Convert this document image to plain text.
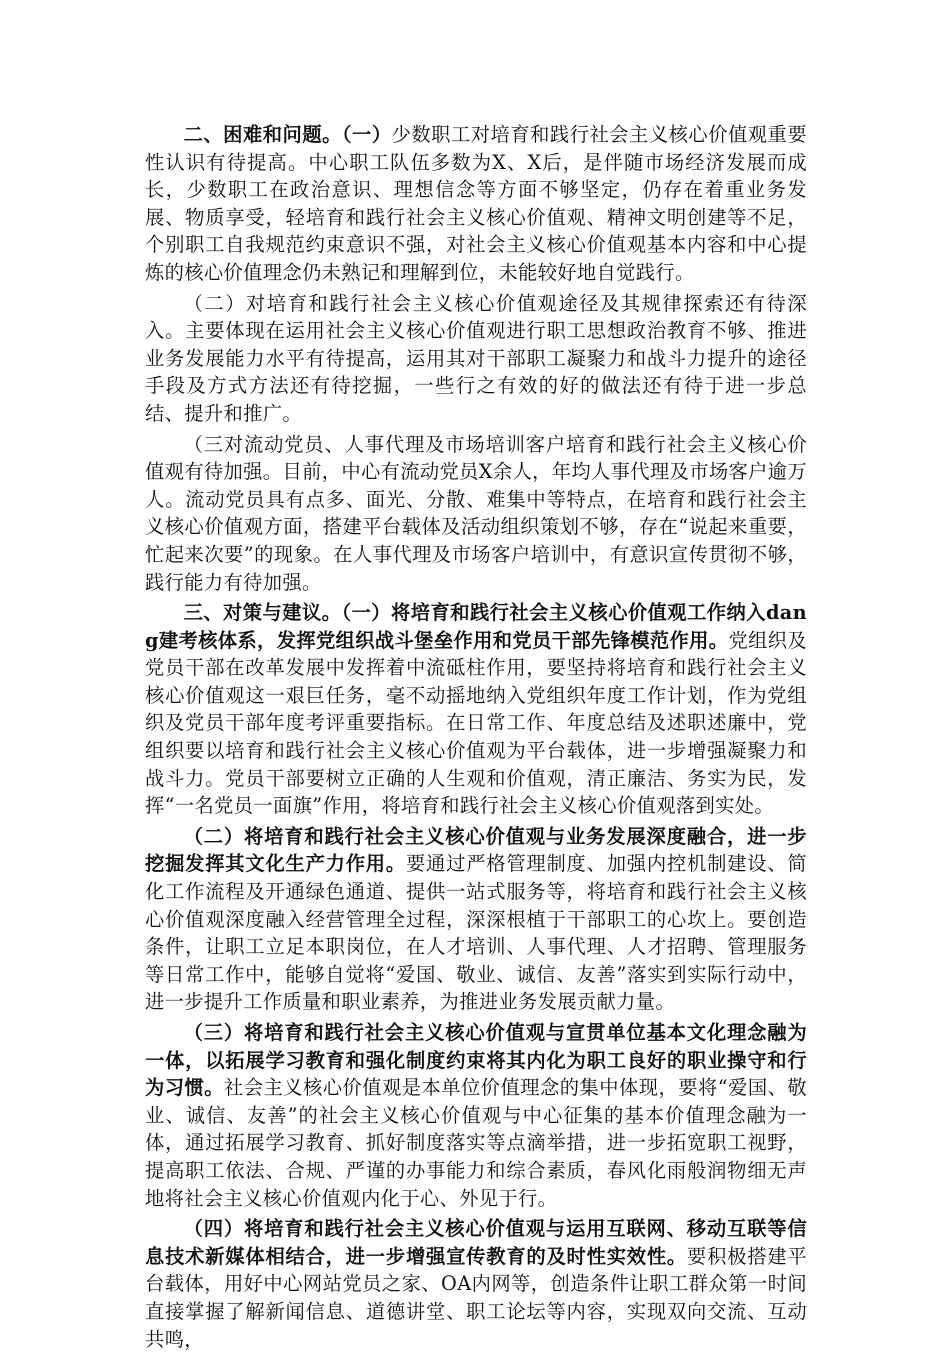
二、困难和问题。（一）少数职工对培育和践行社会主义核心价值观重要性认识有待提高。中心职工队伍多数为X、X后，是伴随市场经济发展而成长，少数职工在政治意识、理想信念等方面不够坚定，仍存在着重业务发展、物质享受，轻培育和践行社会主义核心价值观、精神文明创建等不足，个别职工自我规范约束意识不强，对社会主义核心价值观基本内容和中心提炼的核心价值理念仍未熟记和理解到位，未能较好地自觉践行。

（二）对培育和践行社会主义核心价值观途径及其规律探索还有待深入。主要体现在运用社会主义核心价值观进行职工思想政治教育不够、推进业务发展能力水平有待提高，运用其对干部职工凝聚力和战斗力提升的途径手段及方式方法还有待挖掘，一些行之有效的好的做法还有待于进一步总结、提升和推广。

（三对流动党员、人事代理及市场培训客户培育和践行社会主义核心价值观有待加强。目前，中心有流动党员X余人，年均人事代理及市场客户逾万人。流动党员具有点多、面光、分散、难集中等特点，在培育和践行社会主义核心价值观方面，搭建平台载体及活动组织策划不够，存在“说起来重要，忙起来次要”的现象。在人事代理及市场客户培训中，有意识宣传贯彻不够，践行能力有待加强。

三、对策与建议。（一）将培育和践行社会主义核心价值观工作纳入dang建考核体系，发挥党组织战斗堡垒作用和党员干部先锋模范作用。党组织及党员干部在改革发展中发挥着中流砥柱作用，要坚持将培育和践行社会主义核心价值观这一艰巨任务，毫不动摇地纳入党组织年度工作计划，作为党组织及党员干部年度考评重要指标。在日常工作、年度总结及述职述廉中，党组织要以培育和践行社会主义核心价值观为平台载体，进一步增强凝聚力和战斗力。党员干部要树立正确的人生观和价值观，清正廉洁、务实为民，发挥“一名党员一面旗”作用，将培育和践行社会主义核心价值观落到实处。

（二）将培育和践行社会主义核心价值观与业务发展深度融合，进一步挖掘发挥其文化生产力作用。要通过严格管理制度、加强内控机制建设、简化工作流程及开通绿色通道、提供一站式服务等，将培育和践行社会主义核心价值观深度融入经营管理全过程，深深根植于干部职工的心坎上。要创造条件，让职工立足本职岗位，在人才培训、人事代理、人才招聘、管理服务等日常工作中，能够自觉将“爱国、敬业、诚信、友善”落实到实际行动中，进一步提升工作质量和职业素养，为推进业务发展贡献力量。

（三）将培育和践行社会主义核心价值观与宣贯单位基本文化理念融为一体，以拓展学习教育和强化制度约束将其内化为职工良好的职业操守和行为习惯。社会主义核心价值观是本单位价值理念的集中体现，要将“爱国、敬业、诚信、友善”的社会主义核心价值观与中心征集的基本价值理念融为一体，通过拓展学习教育、抓好制度落实等点滴举措，进一步拓宽职工视野，提高职工依法、合规、严谨的办事能力和综合素质，春风化雨般润物细无声地将社会主义核心价值观内化于心、外见于行。

（四）将培育和践行社会主义核心价值观与运用互联网、移动互联等信息技术新媒体相结合，进一步增强宣传教育的及时性实效性。要积极搭建平台载体，用好中心网站党员之家、OA内网等，创造条件让职工群众第一时间直接掌握了解新闻信息、道德讲堂、职工论坛等内容，实现双向交流、互动共鸣，
